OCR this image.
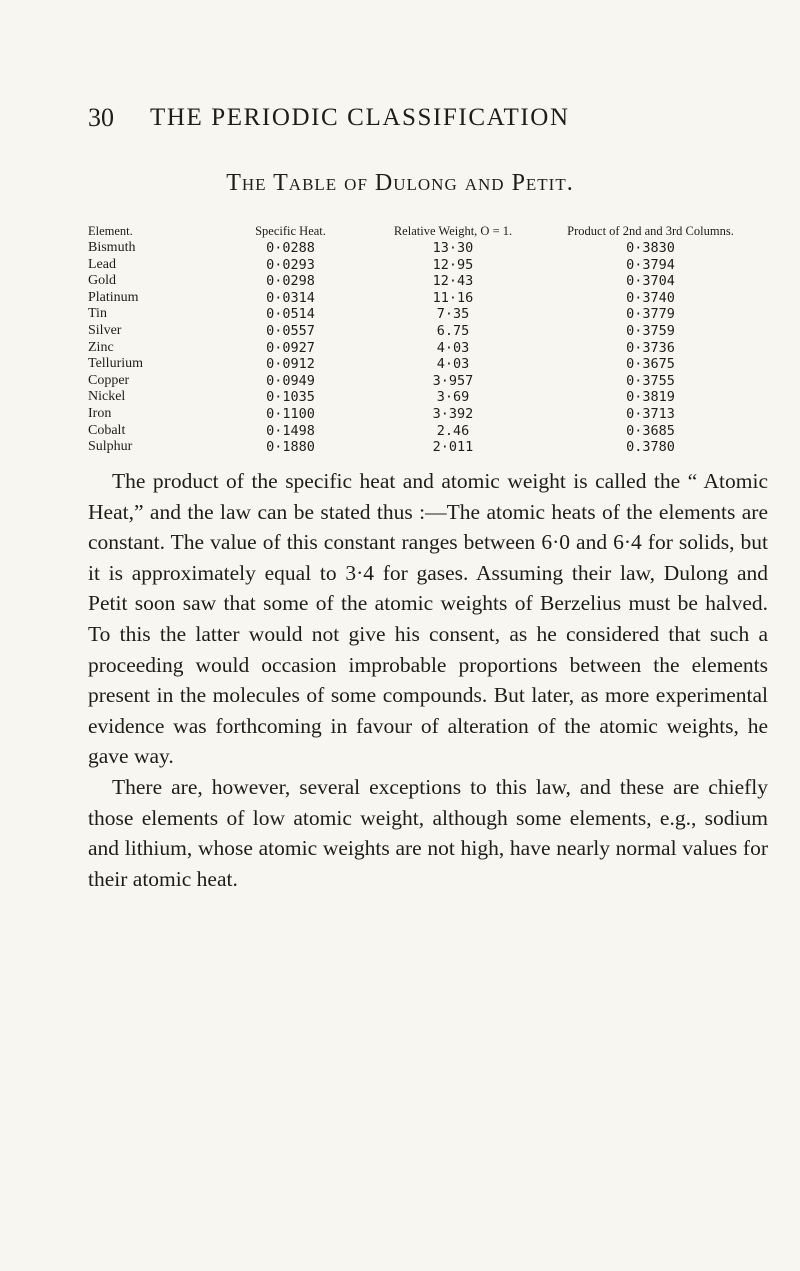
30 THE PERIODIC CLASSIFICATION
The Table of Dulong and Petit.
Element.	Specific Heat.	Relative Weight, O = 1.	Product of 2nd and 3rd Columns.
Bismuth	0·0288	13·30	0·3830
Lead	0·0293	12·95	0·3794
Gold	0·0298	12·43	0·3704
Platinum	0·0314	11·16	0·3740
Tin	0·0514	7·35	0·3779
Silver	0·0557	6.75	0·3759
Zinc	0·0927	4·03	0·3736
Tellurium	0·0912	4·03	0·3675
Copper	0·0949	3·957	0·3755
Nickel	0·1035	3·69	0·3819
Iron	0·1100	3·392	0·3713
Cobalt	0·1498	2.46	0·3685
Sulphur	0·1880	2·011	0.3780

The product of the specific heat and atomic weight is called the “ Atomic Heat,” and the law can be stated thus :—The atomic heats of the elements are constant. The value of this constant ranges between 6·0 and 6·4 for solids, but it is approximately equal to 3·4 for gases. Assuming their law, Dulong and Petit soon saw that some of the atomic weights of Berzelius must be halved. To this the latter would not give his consent, as he considered that such a proceeding would occasion improbable proportions between the elements present in the molecules of some compounds. But later, as more experimental evidence was forthcoming in favour of alteration of the atomic weights, he gave way.

There are, however, several exceptions to this law, and these are chiefly those elements of low atomic weight, although some elements, e.g., sodium and lithium, whose atomic weights are not high, have nearly normal values for their atomic heat.
